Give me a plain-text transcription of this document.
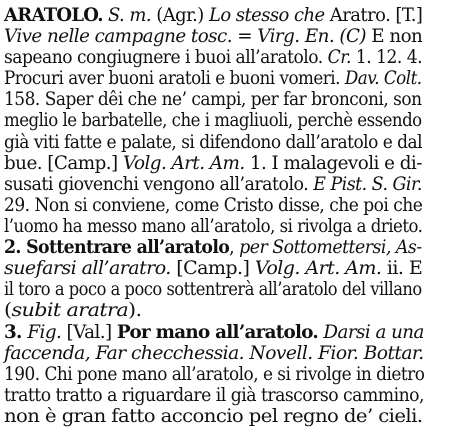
ARATOLO. S. m. (Agr.) Lo stesso che Aratro. [T.]
Vive nelle campagne tosc. = Virg. En. (C) E non
sapeano congiugnere i buoi all’aratolo. Cr. 1. 12. 4.
Procuri aver buoni aratoli e buoni vomeri. Dav. Colt.
158. Saper dêi che ne’ campi, per far bronconi, son
meglio le barbatelle, che i magliuoli, perchè essendo
già viti fatte e palate, si difendono dall’aratolo e dal
bue. [Camp.] Volg. Art. Am. 1. I malagevoli e di-
susati giovenchi vengono all’aratolo. E Pist. S. Gir.
29. Non si conviene, come Cristo disse, che poi che
l’uomo ha messo mano all’aratolo, si rivolga a drieto.
2. Sottentrare all’aratolo, per Sottomettersi, As-
suefarsi all’aratro. [Camp.] Volg. Art. Am. ii. E
il toro a poco a poco sottentrerà all’aratolo del villano
(subit aratra).
3. Fig. [Val.] Por mano all’aratolo. Darsi a una
faccenda, Far checchessia. Novell. Fior. Bottar.
190. Chi pone mano all’aratolo, e si rivolge in dietro
tratto tratto a riguardare il già trascorso cammino,
non è gran fatto acconcio pel regno de’ cieli.
